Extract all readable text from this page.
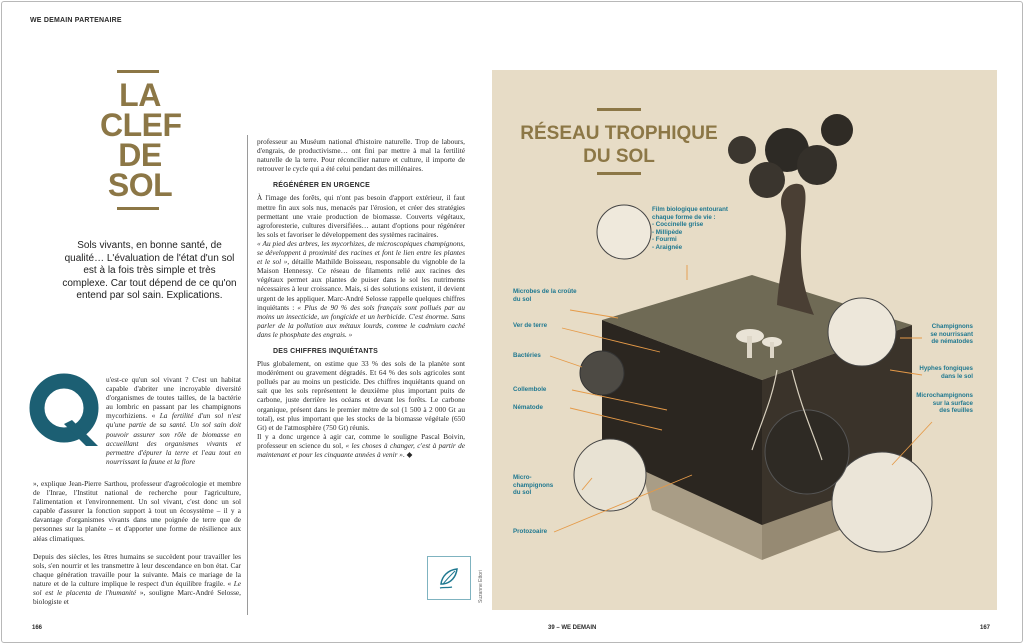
WE DEMAIN PARTENAIRE
LA
CLEF
DE
SOL
Sols vivants, en bonne santé, de qualité… L'évaluation de l'état d'un sol est à la fois très simple et très complexe. Car tout dépend de ce qu'on entend par sol sain. Explications.
Q

u'est-ce qu'un sol vivant ? C'est un habitat capable d'abriter une incroyable diversité d'organismes de toutes tailles, de la bactérie au lombric en passant par les champignons mycorhiziens. « La fertilité d'un sol n'est qu'une partie de sa santé. Un sol sain doit pouvoir assurer son rôle de biomasse en accueillant des organismes vivants et permettre d'épurer la terre et l'eau tout en nourrissant la faune et la flore

», explique Jean-Pierre Sarthou, professeur d'agroécologie et membre de l'Inrae, l'Institut national de recherche pour l'agriculture, l'alimentation et l'environnement. Un sol vivant, c'est donc un sol capable d'assurer la fonction support à tout un écosystème – il y a davantage d'organismes vivants dans une poignée de terre que de personnes sur la planète – et d'apporter une forme de résilience aux aléas climatiques.

Depuis des siècles, les êtres humains se succèdent pour travailler les sols, s'en nourrir et les transmettre à leur descendance en bon état. Car chaque génération travaille pour la suivante. Mais ce mariage de la nature et de la culture implique le respect d'un équilibre fragile. « Le sol est le placenta de l'humanité », souligne Marc-André Selosse, biologiste et

professeur au Muséum national d'histoire naturelle. Trop de labours, d'engrais, de productivisme… ont fini par mettre à mal la fertilité naturelle de la terre. Pour réconcilier nature et culture, il importe de retrouver le cycle qui a été celui pendant des millénaires.

RÉGÉNÉRER EN URGENCE

À l'image des forêts, qui n'ont pas besoin d'apport extérieur, il faut mettre fin aux sols nus, menacés par l'érosion, et créer des stratégies permettant une vraie production de biomasse. Couverts végétaux, agroforesterie, cultures diversifiées… autant d'options pour régénérer les sols et favoriser le développement des systèmes racinaires.

« Au pied des arbres, les mycorhizes, de microscopiques champignons, se développent à proximité des racines et font le lien entre les plantes et le sol », détaille Mathilde Boisseau, responsable du vignoble de la Maison Hennessy. Ce réseau de filaments relié aux racines des végétaux permet aux plantes de puiser dans le sol les nutriments nécessaires à leur croissance. Mais, si des solutions existent, il devient urgent de les appliquer. Marc-André Selosse rappelle quelques chiffres inquiétants : « Plus de 90 % des sols français sont pollués par au moins un insecticide, un fongicide et un herbicide. C'est énorme. Sans parler de la pollution aux métaux lourds, comme le cadmium caché dans le phosphate des engrais. »

DES CHIFFRES INQUIÉTANTS

Plus globalement, on estime que 33 % des sols de la planète sont modérément ou gravement dégradés. Et 64 % des sols agricoles sont pollués par au moins un pesticide. Des chiffres inquiétants quand on sait que les sols représentent le deuxième plus important puits de carbone, juste derrière les océans et devant les forêts. Le carbone organique, présent dans le premier mètre de sol (1 500 à 2 000 Gt au total), est plus important que les stocks de la biomasse végétale (650 Gt) et de l'atmosphère (750 Gt) réunis.

Il y a donc urgence à agir car, comme le souligne Pascal Boivin, professeur en science du sol, « les choses à changer, c'est à partir de maintenant et pour les cinquante années à venir ». ◆

Suzanne Ettori
166	39 – WE DEMAIN	167
RÉSEAU TROPHIQUE
DU SOL
Film biologique entourant
chaque forme de vie :
- Coccinelle grise
- Millipède
- Fourmi
- Araignée
Microbes de la croûte
du sol
Ver de terre
Bactéries
Collembole
Nématode
Micro-
champignons
du sol
Protozoaire
Champignons
se nourrissant
de nématodes
Hyphes fongiques
dans le sol
Microchampignons
sur la surface
des feuilles
